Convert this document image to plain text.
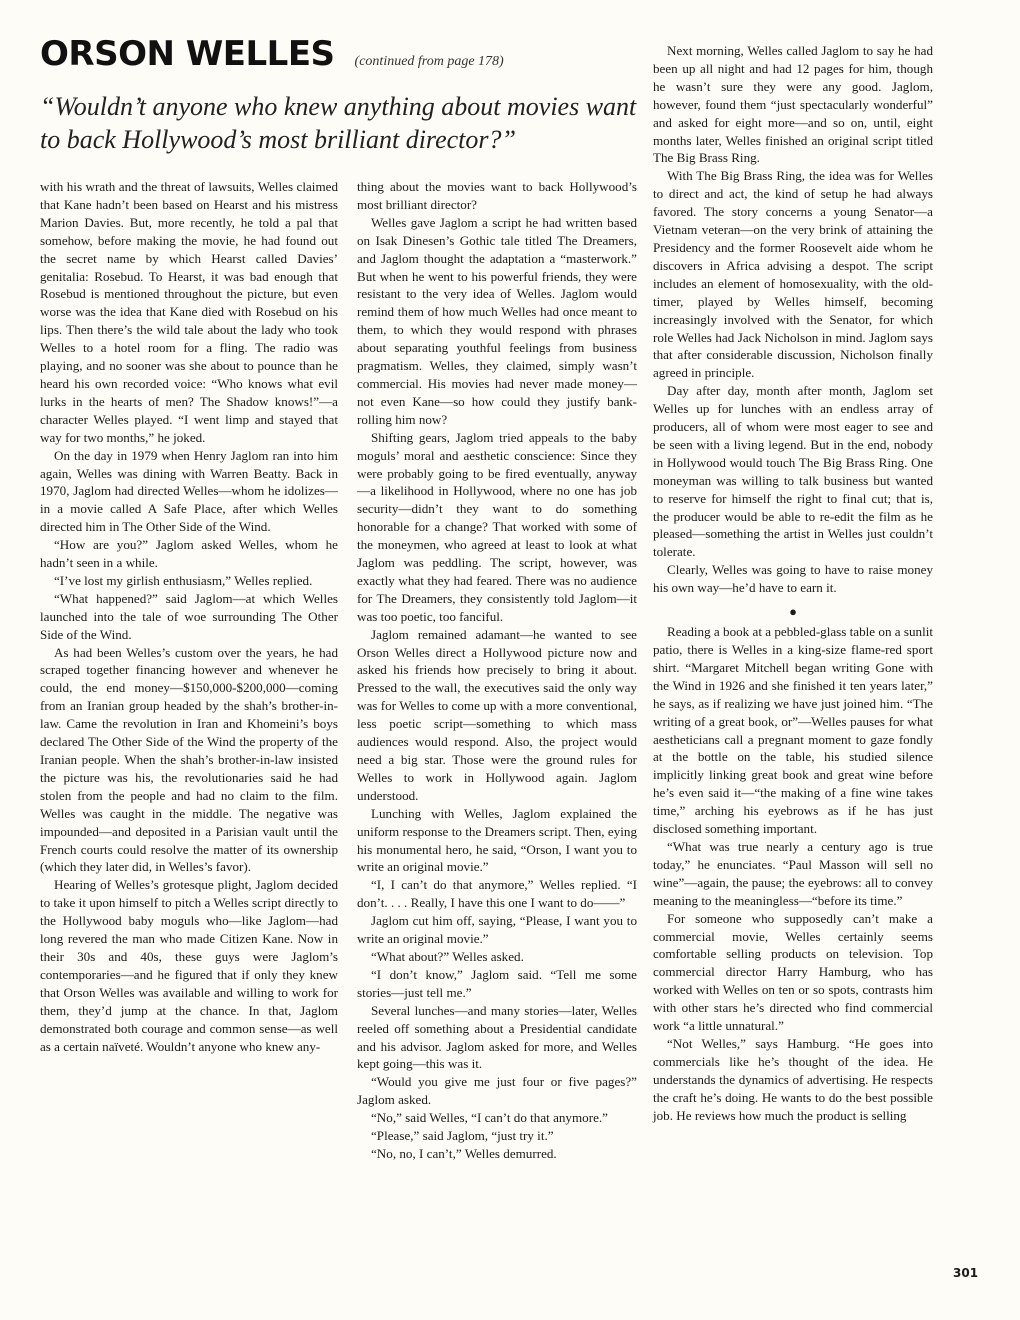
ORSON WELLES (continued from page 178)

“Wouldn’t anyone who knew anything about movies want to back Hollywood’s most brilliant director?”

with his wrath and the threat of lawsuits, Welles claimed that Kane hadn’t been based on Hearst and his mistress Marion Davies. But, more recently, he told a pal that somehow, before making the movie, he had found out the secret name by which Hearst called Davies’ genitalia: Rosebud. To Hearst, it was bad enough that Rosebud is mentioned throughout the picture, but even worse was the idea that Kane died with Rosebud on his lips. Then there’s the wild tale about the lady who took Welles to a hotel room for a fling. The radio was playing, and no sooner was she about to pounce than he heard his own recorded voice: “Who knows what evil lurks in the hearts of men? The Shadow knows!”—a character Welles played. “I went limp and stayed that way for two months,” he joked.

On the day in 1979 when Henry Jaglom ran into him again, Welles was dining with Warren Beatty. Back in 1970, Jaglom had directed Welles—whom he idolizes—in a movie called A Safe Place, after which Welles directed him in The Other Side of the Wind.

“How are you?” Jaglom asked Welles, whom he hadn’t seen in a while.

“I’ve lost my girlish enthusiasm,” Welles replied.

“What happened?” said Jaglom—at which Welles launched into the tale of woe surrounding The Other Side of the Wind.

As had been Welles’s custom over the years, he had scraped together financing however and whenever he could, the end money—$150,000-$200,000—coming from an Iranian group headed by the shah’s brother-in-law. Came the revolution in Iran and Khomeini’s boys declared The Other Side of the Wind the property of the Iranian people. When the shah’s brother-in-law insisted the picture was his, the revolutionaries said he had stolen from the people and had no claim to the film. Welles was caught in the middle. The negative was impounded—and deposited in a Parisian vault until the French courts could resolve the matter of its ownership (which they later did, in Welles’s favor).

Hearing of Welles’s grotesque plight, Jaglom decided to take it upon himself to pitch a Welles script directly to the Hollywood baby moguls who—like Jaglom—had long revered the man who made Citizen Kane. Now in their 30s and 40s, these guys were Jaglom’s contemporaries—and he figured that if only they knew that Orson Welles was available and willing to work for them, they’d jump at the chance. In that, Jaglom demonstrated both courage and common sense—as well as a certain naïveté. Wouldn’t anyone who knew any-

thing about the movies want to back Hollywood’s most brilliant director?

Welles gave Jaglom a script he had written based on Isak Dinesen’s Gothic tale titled The Dreamers, and Jaglom thought the adaptation a “masterwork.” But when he went to his powerful friends, they were resistant to the very idea of Welles. Jaglom would remind them of how much Welles had once meant to them, to which they would respond with phrases about separating youthful feelings from business pragmatism. Welles, they claimed, simply wasn’t commercial. His movies had never made money—not even Kane—so how could they justify bank-rolling him now?

Shifting gears, Jaglom tried appeals to the baby moguls’ moral and aesthetic conscience: Since they were probably going to be fired eventually, anyway—a likelihood in Hollywood, where no one has job security—didn’t they want to do something honorable for a change? That worked with some of the moneymen, who agreed at least to look at what Jaglom was peddling. The script, however, was exactly what they had feared. There was no audience for The Dreamers, they consistently told Jaglom—it was too poetic, too fanciful.

Jaglom remained adamant—he wanted to see Orson Welles direct a Hollywood picture now and asked his friends how precisely to bring it about. Pressed to the wall, the executives said the only way was for Welles to come up with a more conventional, less poetic script—something to which mass audiences would respond. Also, the project would need a big star. Those were the ground rules for Welles to work in Hollywood again. Jaglom understood.

Lunching with Welles, Jaglom explained the uniform response to the Dreamers script. Then, eying his monumental hero, he said, “Orson, I want you to write an original movie.”

“I, I can’t do that anymore,” Welles replied. “I don’t. . . . Really, I have this one I want to do——”

Jaglom cut him off, saying, “Please, I want you to write an original movie.”

“What about?” Welles asked.

“I don’t know,” Jaglom said. “Tell me some stories—just tell me.”

Several lunches—and many stories—later, Welles reeled off something about a Presidential candidate and his advisor. Jaglom asked for more, and Welles kept going—this was it.

“Would you give me just four or five pages?” Jaglom asked.

“No,” said Welles, “I can’t do that anymore.”

“Please,” said Jaglom, “just try it.”

“No, no, I can’t,” Welles demurred.

Next morning, Welles called Jaglom to say he had been up all night and had 12 pages for him, though he wasn’t sure they were any good. Jaglom, however, found them “just spectacularly wonderful” and asked for eight more—and so on, until, eight months later, Welles finished an original script titled The Big Brass Ring.

With The Big Brass Ring, the idea was for Welles to direct and act, the kind of setup he had always favored. The story concerns a young Senator—a Vietnam veteran—on the very brink of attaining the Presidency and the former Roosevelt aide whom he discovers in Africa advising a despot. The script includes an element of homosexuality, with the old-timer, played by Welles himself, becoming increasingly involved with the Senator, for which role Welles had Jack Nicholson in mind. Jaglom says that after considerable discussion, Nicholson finally agreed in principle.

Day after day, month after month, Jaglom set Welles up for lunches with an endless array of producers, all of whom were most eager to see and be seen with a living legend. But in the end, nobody in Hollywood would touch The Big Brass Ring. One moneyman was willing to talk business but wanted to reserve for himself the right to final cut; that is, the producer would be able to re-edit the film as he pleased—something the artist in Welles just couldn’t tolerate.

Clearly, Welles was going to have to raise money his own way—he’d have to earn it.

●

Reading a book at a pebbled-glass table on a sunlit patio, there is Welles in a king-size flame-red sport shirt. “Margaret Mitchell began writing Gone with the Wind in 1926 and she finished it ten years later,” he says, as if realizing we have just joined him. “The writing of a great book, or”—Welles pauses for what aestheticians call a pregnant moment to gaze fondly at the bottle on the table, his studied silence implicitly linking great book and great wine before he’s even said it—“the making of a fine wine takes time,” arching his eyebrows as if he has just disclosed something important.

“What was true nearly a century ago is true today,” he enunciates. “Paul Masson will sell no wine”—again, the pause; the eyebrows: all to convey meaning to the meaningless—“before its time.”

For someone who supposedly can’t make a commercial movie, Welles certainly seems comfortable selling products on television. Top commercial director Harry Hamburg, who has worked with Welles on ten or so spots, contrasts him with other stars he’s directed who find commercial work “a little unnatural.”

“Not Welles,” says Hamburg. “He goes into commercials like he’s thought of the idea. He understands the dynamics of advertising. He respects the craft he’s doing. He wants to do the best possible job. He reviews how much the product is selling

301
